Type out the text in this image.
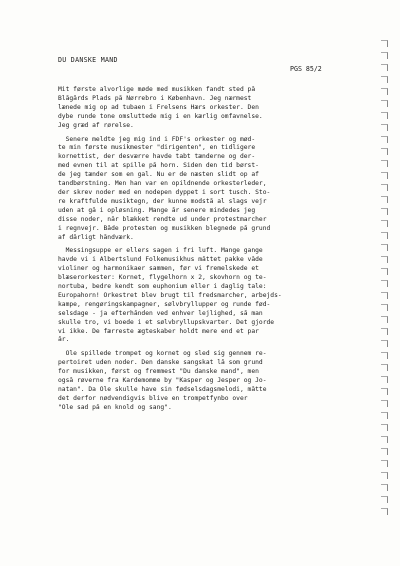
DU DANSKE MAND
PGS 85/2

Mit første alvorlige møde med musikken fandt sted på
Blågårds Plads på Nørrebro i København. Jeg nærmest
lænede mig op ad tubaen i Frelsens Hærs orkester. Den
dybe runde tone omsluttede mig i en kærlig omfavnelse.
Jeg græd af rørelse.

Senere meldte jeg mig ind i FDF's orkester og mød-
te min første musikmester "dirigenten", en tidligere
kornettist, der desværre havde tabt tænderne og der-
med evnen til at spille på horn. Siden den tid børst-
de jeg tænder som en gal. Nu er de næsten slidt op af
tandbørstning. Men han var en opildnende orkesterleder,
der skrev noder med en nodepen dyppet i sort tusch. Sto-
re kraftfulde musiktegn, der kunne modstå al slags vejr
uden at gå i opløsning. Mange år senere mindedes jeg
disse noder, når blækket rendte ud under protestmarcher
i regnvejr. Både protesten og musikken blegnede på grund
af dårligt håndværk.

Messingsuppe er ellers sagen i fri luft. Mange gange
havde vi i Albertslund Folkemusikhus måttet pakke våde
violiner og harmonikaer sammen, før vi fremelskede et
blæserorkester: Kornet, flygelhorn x 2, skovhorn og te-
nortuba, bedre kendt som euphonium eller i daglig tale:
Europahorn! Orkestret blev brugt til fredsmarcher, arbejds-
kampe, rengøringskampagner, sølvbryllupper og runde fød-
selsdage - ja efterhånden ved enhver lejlighed, så man
skulle tro, vi boede i et sølvbryllupskvarter. Det gjorde
vi ikke. De færreste ægteskaber holdt mere end et par
år.

Ole spillede trompet og kornet og sled sig gennem re-
pertoiret uden noder. Den danske sangskat lå som grund
for musikken, først og fremmest "Du danske mand", men
også røverne fra Kardemomme by "Kasper og Jesper og Jo-
natan". Da Ole skulle have sin fødselsdagsmelodi, måtte
det derfor nødvendigvis blive en trompetfynbo over
"Ole sad på en knold og sang".
